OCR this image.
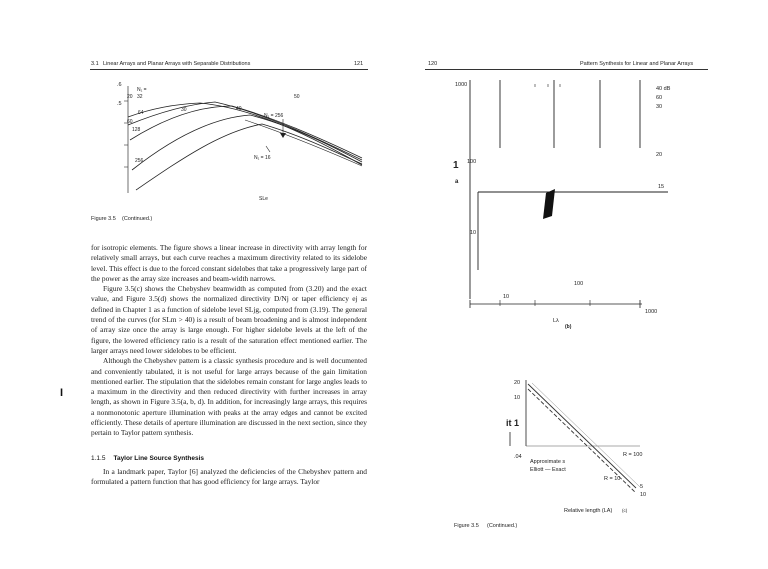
3.1 Linear Arrays and Planar Arrays with Separable Distributions	121	120	Pattern Synthesis for Linear and Planar Arrays
.6
.5
N₁ =
20 32
64	30	40
50
60
128
256
N₁ = 256
N₁ = 16
SLe
1000
100
10
10
100
1000
40 dB
60
30
20
15
1
a
Lλ
(b)
20
10
.04	R = 100
Approximate s
Elliott — Exact
R = 10
5
10
it 1
Relative length (LA) (c)
Figure 3.5 (Continued.)

for isotropic elements. The figure shows a linear increase in directivity with array length for relatively small arrays, but each curve reaches a maximum directivity related to its sidelobe level. This effect is due to the forced constant sidelobes that take a progressively large part of the power as the array size increases and beam-width narrows.

Figure 3.5(c) shows the Chebyshev beamwidth as computed from (3.20) and the exact value, and Figure 3.5(d) shows the normalized directivity D/Nj or taper efficiency ej as defined in Chapter 1 as a function of sidelobe level SLjg, computed from (3.19). The general trend of the curves (for SLm > 40) is a result of beam broadening and is almost independent of array size once the array is large enough. For higher sidelobe levels at the left of the figure, the lowered efficiency ratio is a result of the saturation effect mentioned earlier. The larger arrays need lower sidelobes to be efficient.

Although the Chebyshev pattern is a classic synthesis procedure and is well documented and conveniently tabulated, it is not useful for large arrays because of the gain limitation mentioned earlier. The stipulation that the sidelobes remain constant for large angles leads to a maximum in the directivity and then reduced directivity with further increases in array length, as shown in Figure 3.5(a, b, d). In addition, for increasingly large arrays, this requires a nonmonotonic aperture illumination with peaks at the array edges and cannot be excited efficiently. These details of aperture illumination are discussed in the next section, since they pertain to Taylor pattern synthesis.

I
1.1.5 Taylor Line Source Synthesis

In a landmark paper, Taylor [6] analyzed the deficiencies of the Chebyshev pattern and formulated a pattern function that has good efficiency for large arrays. Taylor

Figure 3.5 (Continued.)
